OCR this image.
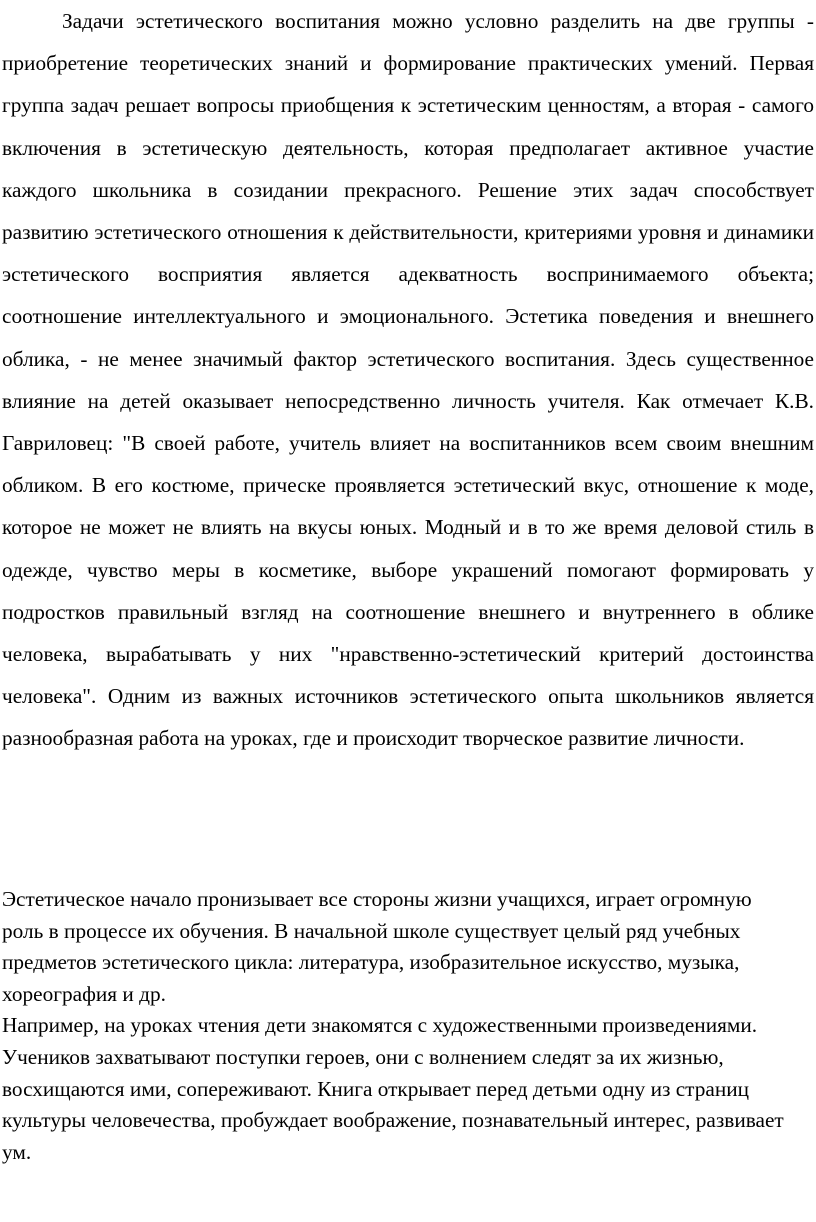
Задачи эстетического воспитания можно условно разделить на две группы - приобретение теоретических знаний и формирование практических умений. Первая группа задач решает вопросы приобщения к эстетическим ценностям, а вторая - самого включения в эстетическую деятельность, которая предполагает активное участие каждого школьника в созидании прекрасного. Решение этих задач способствует развитию эстетического отношения к действительности, критериями уровня и динамики эстетического восприятия является адекватность воспринимаемого объекта; соотношение интеллектуального и эмоционального. Эстетика поведения и внешнего облика, - не менее значимый фактор эстетического воспитания. Здесь существенное влияние на детей оказывает непосредственно личность учителя. Как отмечает К.В. Гавриловец: "В своей работе, учитель влияет на воспитанников всем своим внешним обликом. В его костюме, прическе проявляется эстетический вкус, отношение к моде, которое не может не влиять на вкусы юных. Модный и в то же время деловой стиль в одежде, чувство меры в косметике, выборе украшений помогают формировать у подростков правильный взгляд на соотношение внешнего и внутреннего в облике человека, вырабатывать у них "нравственно-эстетический критерий достоинства человека". Одним из важных источников эстетического опыта школьников является разнообразная работа на уроках, где и происходит творческое развитие личности.

Эстетическое начало пронизывает все стороны жизни учащихся, играет огромную роль в процессе их обучения. В начальной школе существует целый ряд учебных предметов эстетического цикла: литература, изобразительное искусство, музыка, хореография и др.
Например, на уроках чтения дети знакомятся с художественными произведениями. Учеников захватывают поступки героев, они с волнением следят за их жизнью, восхищаются ими, сопереживают. Книга открывает перед детьми одну из страниц культуры человечества, пробуждает воображение, познавательный интерес, развивает ум.
